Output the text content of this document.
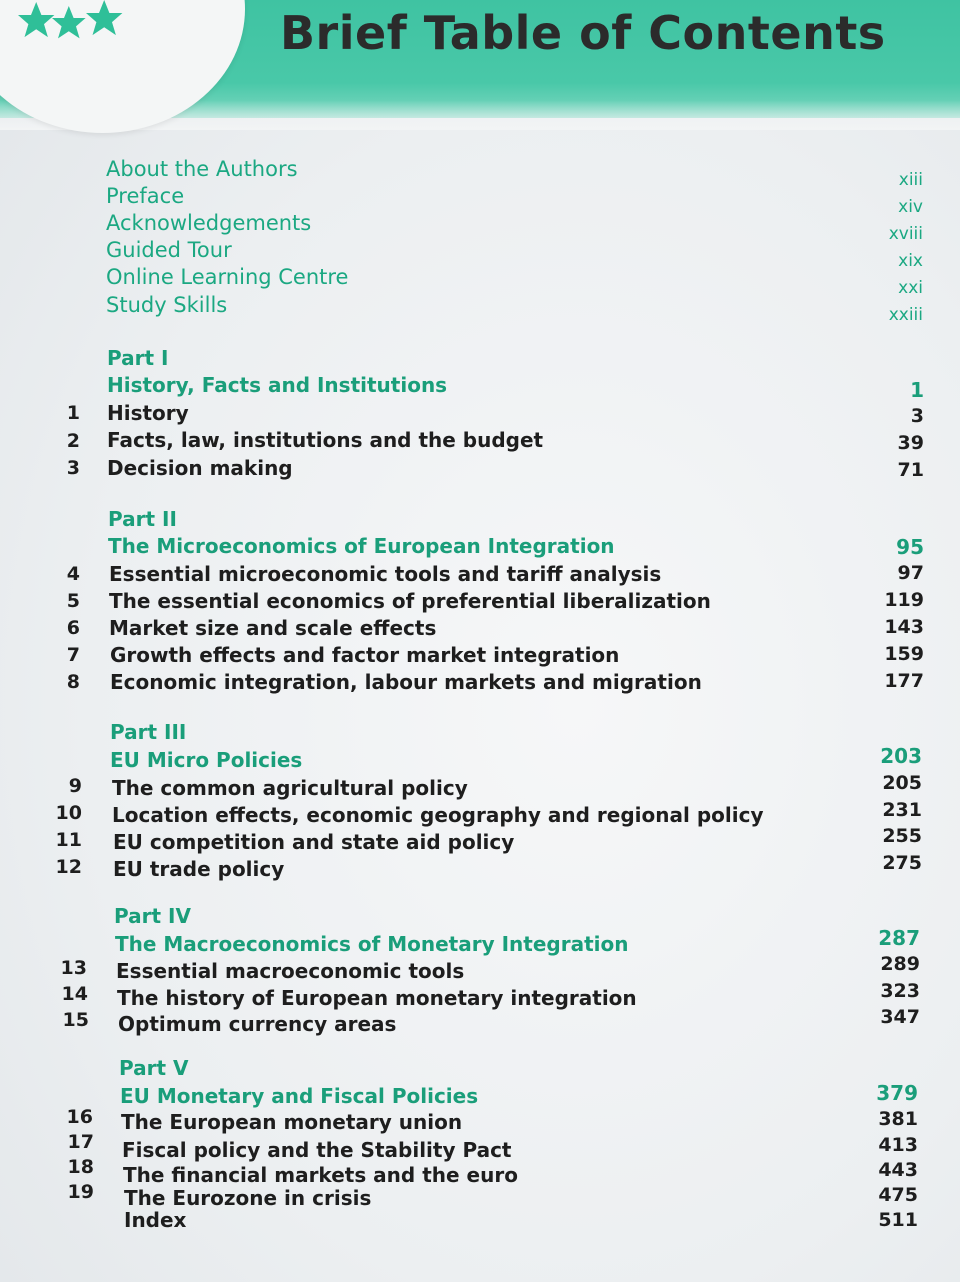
Brief Table of Contents
About the Authors	xiii
Preface	xiv
Acknowledgements	xviii
Guided Tour	xix
Online Learning Centre	xxi
Study Skills	xxiii
Part I
History, Facts and Institutions	1
1 History	3
2 Facts, law, institutions and the budget	39
3 Decision making	71
Part II
The Microeconomics of European Integration	95
4 Essential microeconomic tools and tariff analysis	97
5 The essential economics of preferential liberalization	119
6 Market size and scale effects	143
7 Growth effects and factor market integration	159
8 Economic integration, labour markets and migration	177
Part III
EU Micro Policies	203
9 The common agricultural policy	205
10 Location effects, economic geography and regional policy	231
11 EU competition and state aid policy	255
12 EU trade policy	275
Part IV
The Macroeconomics of Monetary Integration	287
13 Essential macroeconomic tools	289
14 The history of European monetary integration	323
15 Optimum currency areas	347
Part V
EU Monetary and Fiscal Policies	379
16 The European monetary union	381
17 Fiscal policy and the Stability Pact	413
18 The financial markets and the euro	443
19 The Eurozone in crisis	475
Index	511
